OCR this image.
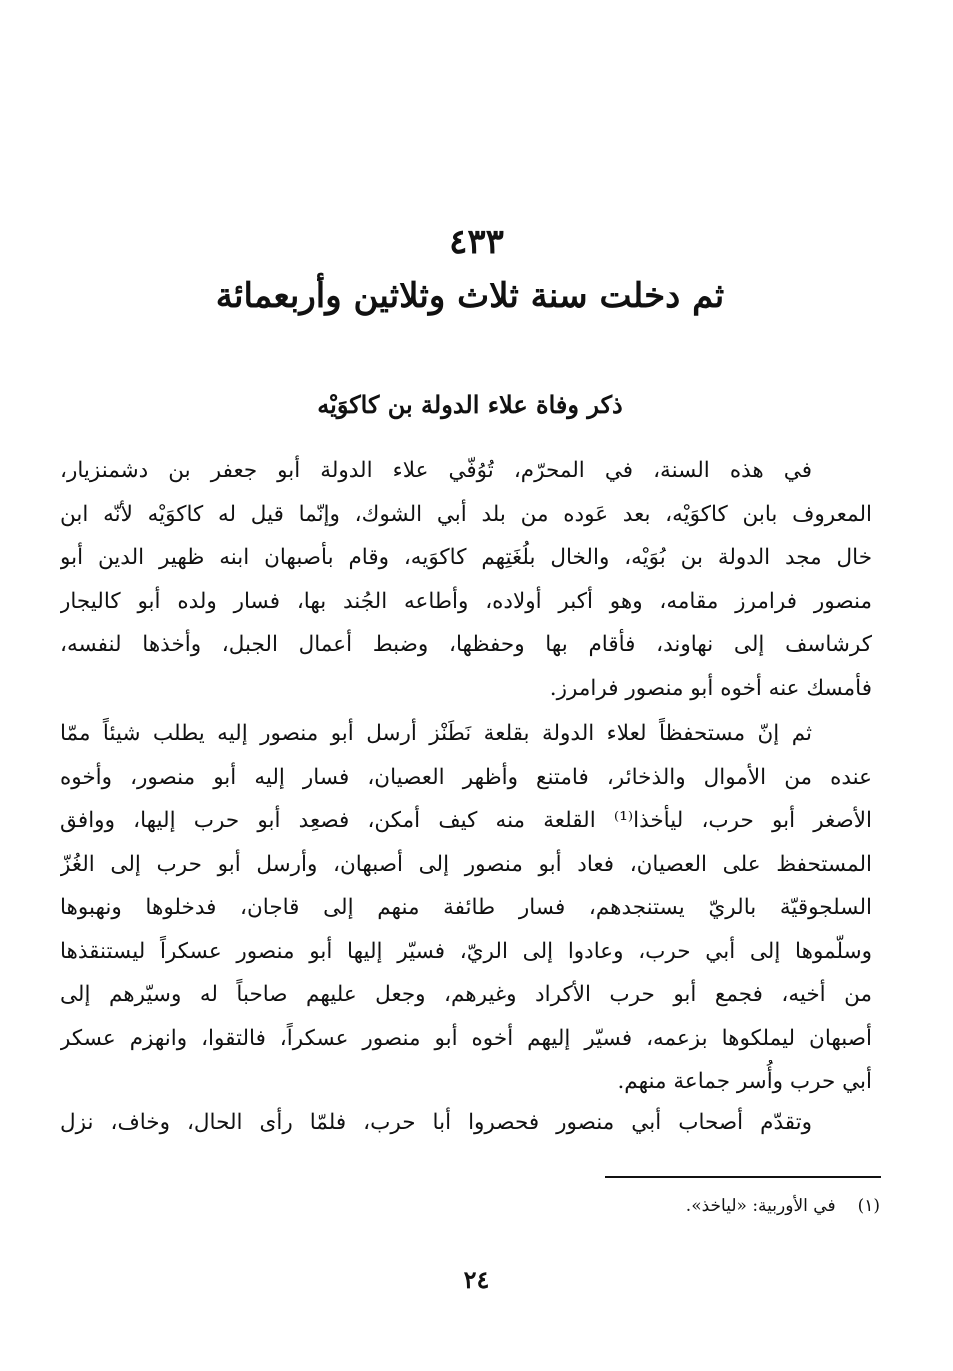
٤٣٣
ثم دخلت سنة ثلاث وثلاثين وأربعمائة
ذكر وفاة علاء الدولة بن كاكوَيْه
في هذه السنة، في المحرّم، تُوُفّي علاء الدولة أبو جعفر بن دشمنزيار،
المعروف بابن كاكوَيْه، بعد عَوده من بلد أبي الشوك، وإنّما قيل له كاكوَيْه لأنّه ابن
خال مجد الدولة بن بُوَيْه، والخال بلُغَتِهم كاكوَيه، وقام بأصبهان ابنه ظهير الدين أبو
منصور فرامرز مقامه، وهو أكبر أولاده، وأطاعه الجُند بها، فسار ولده أبو كاليجار
كرشاسف إلى نهاوند، فأقام بها وحفظها، وضبط أعمال الجبل، وأخذها لنفسه،
فأمسك عنه أخوه أبو منصور فرامرز.
ثم إنّ مستحفظاً لعلاء الدولة بقلعة نَطَنْز أرسل أبو منصور إليه يطلب شيئاً ممّا
عنده من الأموال والذخائر، فامتنع وأظهر العصيان، فسار إليه أبو منصور، وأخوه
الأصغر أبو حرب، ليأخذا⁽¹⁾ القلعة منه كيف أمكن، فصعِد أبو حرب إليها، ووافق
المستحفظ على العصيان، فعاد أبو منصور إلى أصبهان، وأرسل أبو حرب إلى الغُزّ
السلجوقيّة بالريّ يستنجدهم، فسار طائفة منهم إلى قاجان، فدخلوها ونهبوها
وسلّموها إلى أبي حرب، وعادوا إلى الريّ، فسيّر إليها أبو منصور عسكراً ليستنقذها
من أخيه، فجمع أبو حرب الأكراد وغيرهم، وجعل عليهم صاحباً له وسيّرهم إلى
أصبهان ليملكوها بزعمه، فسيّر إليهم أخوه أبو منصور عسكراً، فالتقوا، وانهزم عسكر
أبي حرب وأُسر جماعة منهم.
وتقدّم أصحاب أبي منصور فحصروا أبا حرب، فلمّا رأى الحال، وخاف، نزل
(١)في الأوربية: «لياخذ».
٢٤
